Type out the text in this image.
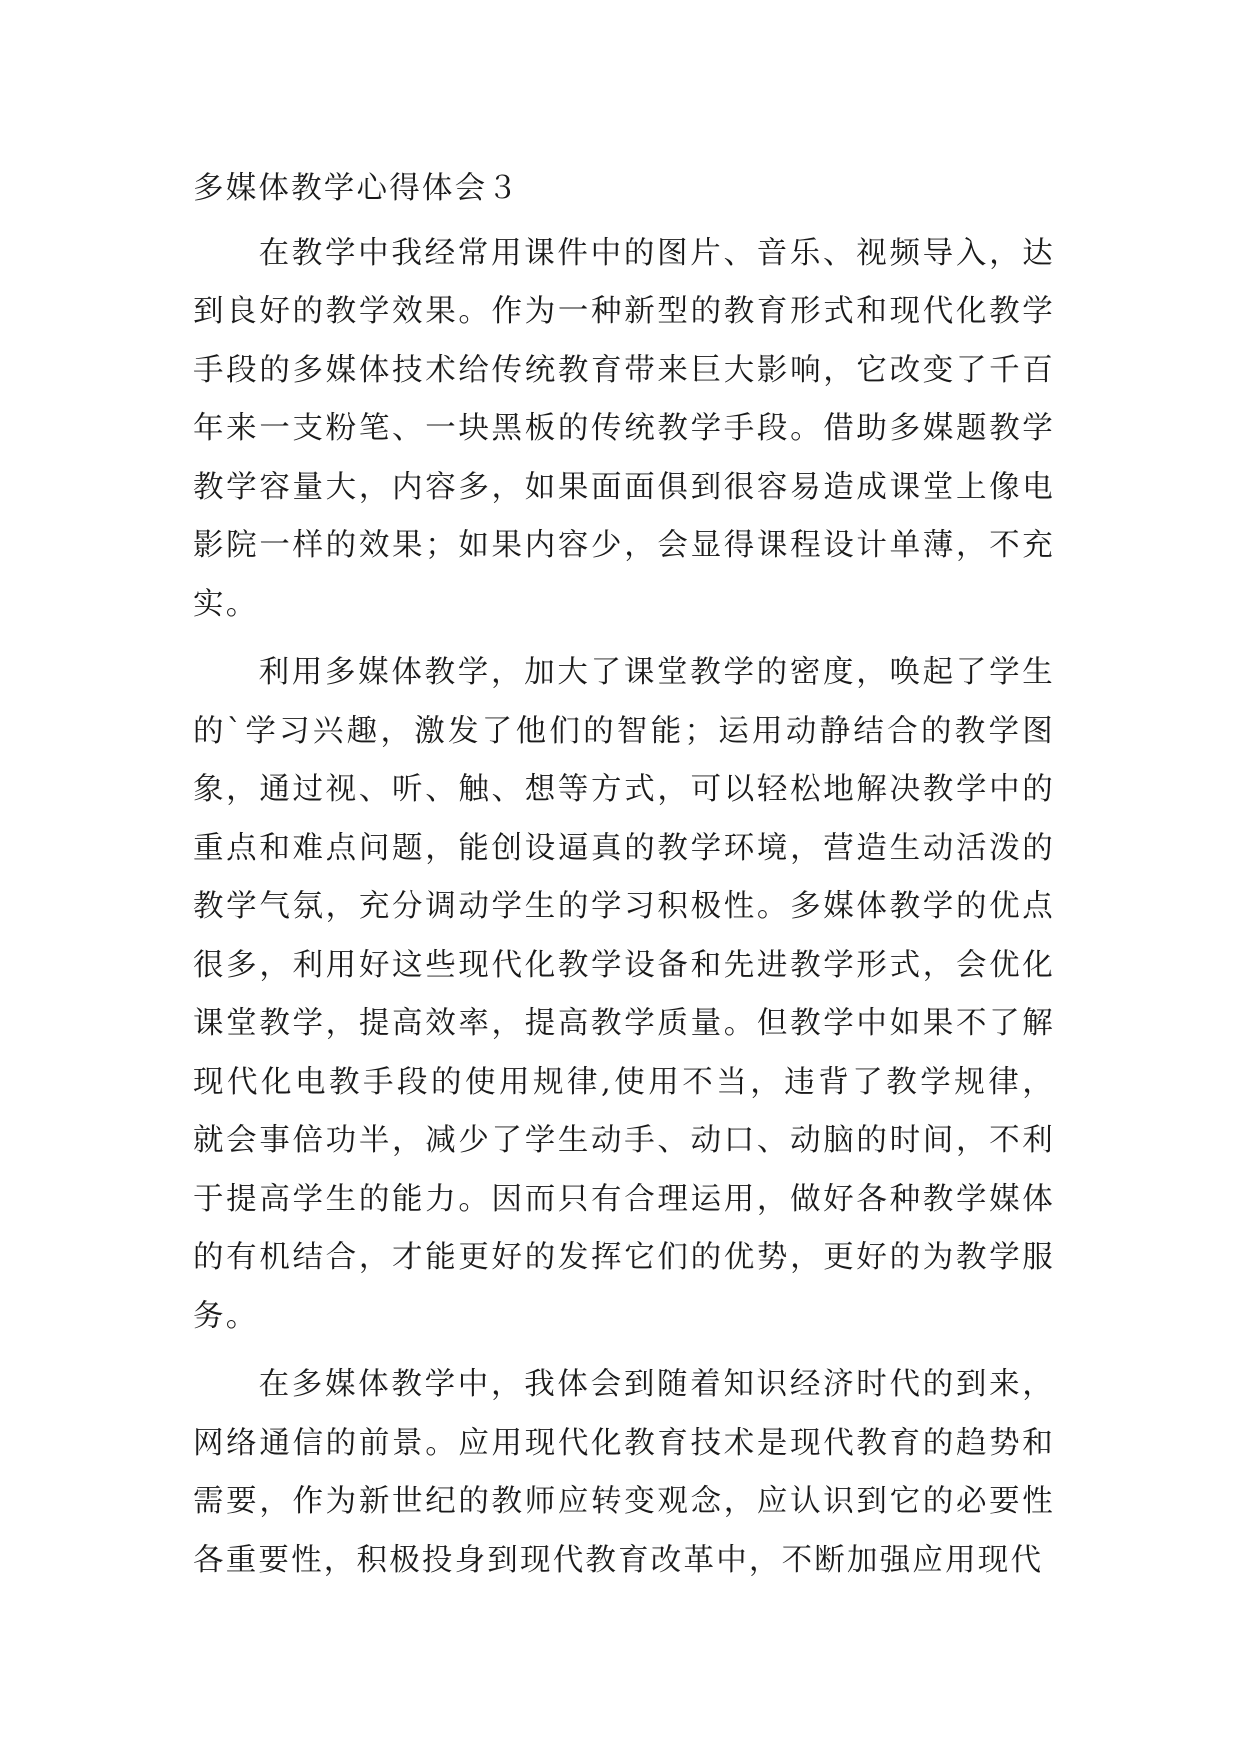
多媒体教学心得体会３

在教学中我经常用课件中的图片、音乐、视频导入，达到良好的教学效果。作为一种新型的教育形式和现代化教学手段的多媒体技术给传统教育带来巨大影响，它改变了千百年来一支粉笔、一块黑板的传统教学手段。借助多媒题教学教学容量大，内容多，如果面面俱到很容易造成课堂上像电影院一样的效果；如果内容少，会显得课程设计单薄，不充实。

利用多媒体教学，加大了课堂教学的密度，唤起了学生的`学习兴趣，激发了他们的智能；运用动静结合的教学图象，通过视、听、触、想等方式，可以轻松地解决教学中的重点和难点问题，能创设逼真的教学环境，营造生动活泼的教学气氛，充分调动学生的学习积极性。多媒体教学的优点很多，利用好这些现代化教学设备和先进教学形式，会优化课堂教学，提高效率，提高教学质量。但教学中如果不了解现代化电教手段的使用规律,使用不当，违背了教学规律，就会事倍功半，减少了学生动手、动口、动脑的时间，不利于提高学生的能力。因而只有合理运用，做好各种教学媒体的有机结合，才能更好的发挥它们的优势，更好的为教学服务。

在多媒体教学中，我体会到随着知识经济时代的到来，网络通信的前景。应用现代化教育技术是现代教育的趋势和需要，作为新世纪的教师应转变观念，应认识到它的必要性各重要性，积极投身到现代教育改革中，不断加强应用现代
